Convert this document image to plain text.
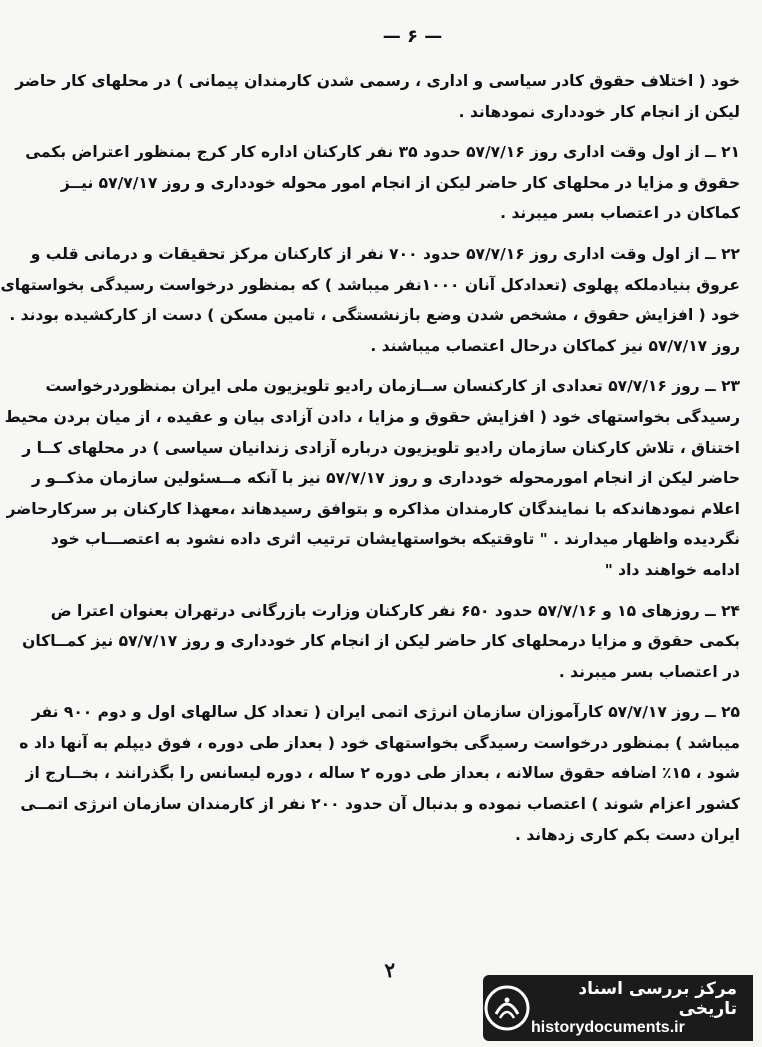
— ۶ —
خود ( اختلاف حقوق کادر سیاسی و اداری ، رسمی شدن کارمندان پیمانی ) در محلهای کار حاضر
لیکن از انجام کار خودداری نمودهاند .
۲۱ ــ از اول وقت اداری روز ۵۷/۷/۱۶ حدود ۳۵ نفر کارکنان اداره کار کرج بمنظور اعتراض بکمی
حقوق و مزایا در محلهای کار حاضر لیکن از انجام امور محوله خودداری و روز ۵۷/۷/۱۷ نیــز
کماکان در اعتصاب بسر میبرند .
۲۲ ــ از اول وقت اداری روز ۵۷/۷/۱۶ حدود ۷۰۰ نفر از کارکنان مرکز تحقیقات و درمانی قلب و
عروق بنیادملکه پهلوی (تعدادکل آنان ۱۰۰۰نفر میباشد ) که بمنظور درخواست رسیدگی بخواستهای
خود ( افزایش حقوق ، مشخص شدن وضع بازنشستگی ، تامین مسکن ) دست از کارکشیده بودند .
روز ۵۷/۷/۱۷ نیز کماکان درحال اعتصاب میباشند .
۲۳ ــ روز ۵۷/۷/۱۶ تعدادی از کارکنسان ســازمان رادیو تلویزیون ملی ایران بمنظوردرخواست
رسیدگی بخواستهای خود ( افزایش حقوق و مزایا ، دادن آزادی بیان و عقیده ، از میان بردن محیط
اختناق ، تلاش کارکنان سازمان رادیو تلویزیون درباره آزادی زندانیان سیاسی ) در محلهای کــا ر
حاضر لیکن از انجام امورمحوله خودداری و روز ۵۷/۷/۱۷ نیز با آنکه مــسئولین سازمان مذکــو ر
اعلام نمودهاندکه با نمایندگان کارمندان مذاکره و بتوافق رسیدهاند ،معهذا کارکنان بر سرکارحاضر
نگردیده واظهار میدارند . " تاوقتیکه بخواستهایشان ترتیب اثری داده نشود به اعتصـــاب خود
ادامه خواهند داد "
۲۴ ــ روزهای ۱۵ و ۵۷/۷/۱۶ حدود ۶۵۰ نفر کارکنان وزارت بازرگانی درتهران بعنوان اعترا ض
بکمی حقوق و مزایا درمحلهای کار حاضر لیکن از انجام کار خودداری و روز ۵۷/۷/۱۷ نیز کمــاکان
در اعتصاب بسر میبرند .
۲۵ ــ روز ۵۷/۷/۱۷ کارآموزان سازمان انرژی اتمی ایران ( تعداد کل سالهای اول و دوم ۹۰۰ نفر
میباشد ) بمنظور درخواست رسیدگی بخواستهای خود ( بعداز طی دوره ، فوق دیپلم به آنها داد ه
شود ، ۱۵٪ اضافه حقوق سالانه ، بعداز طی دوره ۲ ساله ، دوره لیسانس را بگذرانند ، بخــارج از
کشور اعزام شوند ) اعتصاب نموده و بدنبال آن حدود ۲۰۰ نفر از کارمندان سازمان انرژی اتمــی
ایران دست بکم کاری زدهاند .
٢
مرکز بررسی اسناد تاریخی
historydocuments.ir
